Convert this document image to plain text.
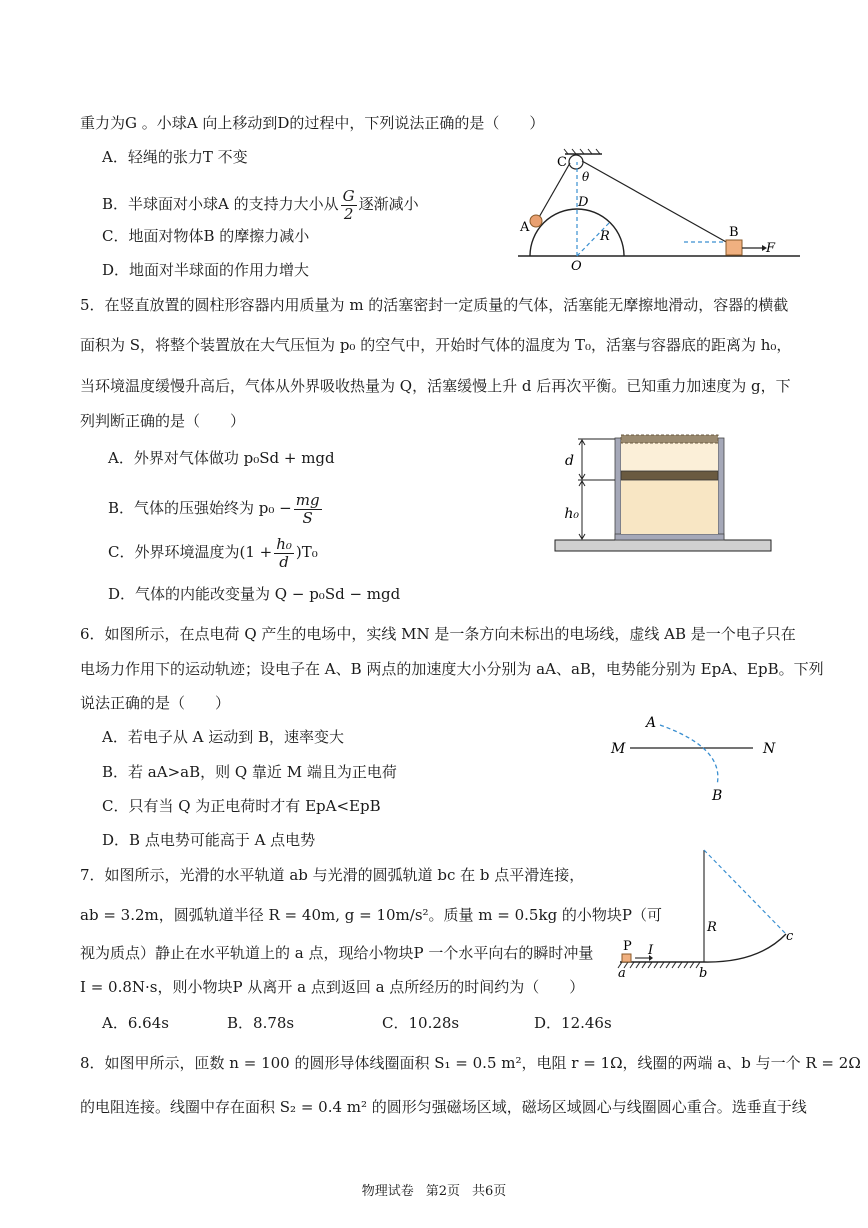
重力为G 。小球A 向上移动到D的过程中，下列说法正确的是（　　）
A．轻绳的张力T 不变
B．半球面对小球A 的支持力大小从 $\frac{G}{2}$ 逐渐减小
C．地面对物体B 的摩擦力减小
D．地面对半球面的作用力增大
C
θ
D
A
R
O
B
F
5．在竖直放置的圆柱形容器内用质量为 m 的活塞密封一定质量的气体，活塞能无摩擦地滑动，容器的横截
面积为 S，将整个装置放在大气压恒为 p₀ 的空气中，开始时气体的温度为 T₀，活塞与容器底的距离为 h₀，
当环境温度缓慢升高后，气体从外界吸收热量为 Q，活塞缓慢上升 d 后再次平衡。已知重力加速度为 g，下
列判断正确的是（　　）
A．外界对气体做功 p₀Sd + mgd
B．气体的压强始终为 $p_0 - \frac{mg}{S}$
C．外界环境温度为$(1 + \frac{\text{h₀}}{d} )T_0$
D．气体的内能改变量为 Q − p₀Sd − mgd
d
h₀
6．如图所示，在点电荷 Q 产生的电场中，实线 MN 是一条方向未标出的电场线，虚线 AB 是一个电子只在
电场力作用下的运动轨迹；设电子在 A、B 两点的加速度大小分别为 aA、aB，电势能分别为 EpA、EpB。下列
说法正确的是（　　）
A．若电子从 A 运动到 B，速率变大
B．若 aA>aB，则 Q 靠近 M 端且为正电荷
C．只有当 Q 为正电荷时才有 EpA<EpB
D．B 点电势可能高于 A 点电势
A
M	N
B
7．如图所示，光滑的水平轨道 ab 与光滑的圆弧轨道 bc 在 b 点平滑连接，
ab = 3.2m，圆弧轨道半径 R = 40m, g = 10m/s²。质量 m = 0.5kg 的小物块P（可
视为质点）静止在水平轨道上的 a 点，现给小物块P 一个水平向右的瞬时冲量
I = 0.8N·s，则小物块P 从离开 a 点到返回 a 点所经历的时间约为（　　）
A．6.64s	B．8.78s	C．10.28s	D．12.46s
P I
R
c
a	b
8．如图甲所示，匝数 n = 100 的圆形导体线圈面积 S₁ = 0.5 m²，电阻 r = 1Ω，线圈的两端 a、b 与一个 R = 2Ω
的电阻连接。线圈中存在面积 S₂ = 0.4 m² 的圆形匀强磁场区域，磁场区域圆心与线圈圆心重合。选垂直于线
物理试卷 第2页 共6页
